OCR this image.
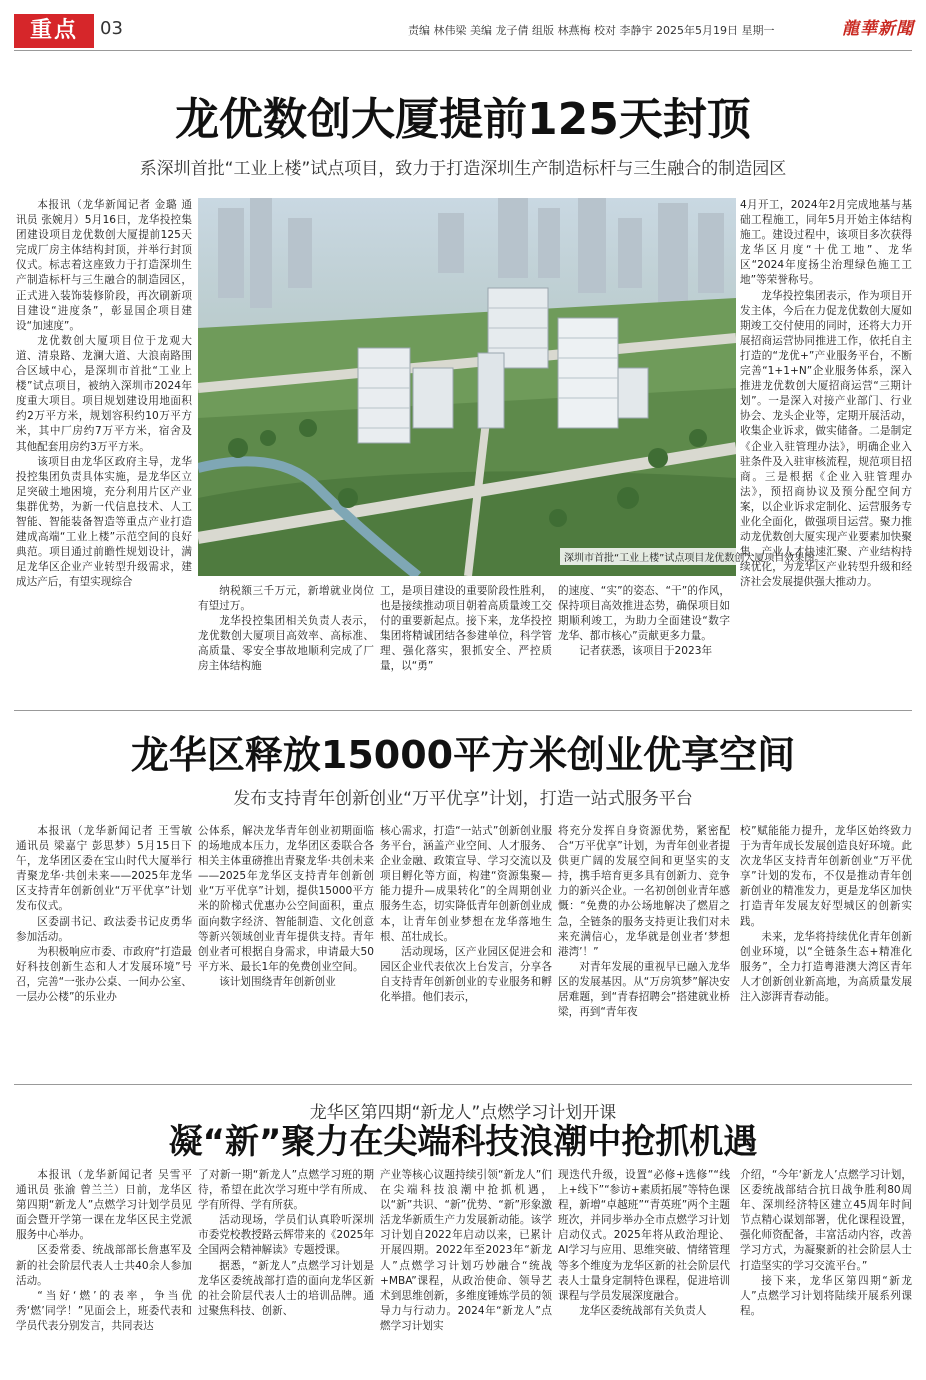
重点	03	责编 林伟梁 美编 龙子倩 组版 林燕梅 校对 李静宇 2025年5月19日 星期一	龍華新聞
龙优数创大厦提前125天封顶
系深圳首批“工业上楼”试点项目，致力于打造深圳生产制造标杆与三生融合的制造园区

本报讯（龙华新闻记者 金璐 通讯员 张婉月）5月16日，龙华投控集团建设项目龙优数创大厦提前125天完成厂房主体结构封顶，并举行封顶仪式。标志着这座致力于打造深圳生产制造标杆与三生融合的制造园区，正式进入装饰装修阶段，再次刷新项目建设“进度条”，彰显国企项目建设“加速度”。

龙优数创大厦项目位于龙观大道、清泉路、龙澜大道、大浪南路围合区域中心，是深圳市首批“工业上楼”试点项目，被纳入深圳市2024年度重大项目。项目规划建设用地面积约2万平方米，规划容积约10万平方米，其中厂房约7万平方米，宿舍及其他配套用房约3万平方米。

该项目由龙华区政府主导，龙华投控集团负责具体实施，是龙华区立足突破土地困境，充分利用片区产业集群优势，为新一代信息技术、人工智能、智能装备智造等重点产业打造建成高端“工业上楼”示范空间的良好典范。项目通过前瞻性规划设计，满足龙华区企业产业转型升级需求，建成达产后，有望实现综合

深圳市首批“工业上楼”试点项目龙优数创大厦项目效果图。

纳税额三千万元，新增就业岗位有望过万。

龙华投控集团相关负责人表示，龙优数创大厦项目高效率、高标准、高质量、零安全事故地顺利完成了厂房主体结构施

工，是项目建设的重要阶段性胜利，也是接续推动项目朝着高质量竣工交付的重要新起点。接下来，龙华投控集团将精诚团结各参建单位，科学管理、强化落实，狠抓安全、严控质量，以“勇”

的速度、“实”的姿态、“干”的作风，保持项目高效推进态势，确保项目如期顺利竣工，为助力全面建设“数字龙华、都市核心”贡献更多力量。

记者获悉，该项目于2023年

4月开工，2024年2月完成地基与基础工程施工，同年5月开始主体结构施工。建设过程中，该项目多次获得龙华区月度“十优工地”、龙华区“2024年度扬尘治理绿色施工工地”等荣誉称号。

龙华投控集团表示，作为项目开发主体，今后在力促龙优数创大厦如期竣工交付使用的同时，还将大力开展招商运营协同推进工作，依托自主打造的“龙优+”产业服务平台，不断完善“1+1+N”企业服务体系，深入推进龙优数创大厦招商运营“三期计划”。一是深入对接产业部门、行业协会、龙头企业等，定期开展活动，收集企业诉求，做实储备。二是制定《企业入驻管理办法》，明确企业入驻条件及入驻审核流程，规范项目招商。三是根据《企业入驻管理办法》，预招商协议及预分配空间方案，以企业诉求定制化、运营服务专业化全面化，做强项目运营。聚力推动龙优数创大厦实现产业要素加快聚集、产业人才快速汇聚、产业结构持续优化，为龙华区产业转型升级和经济社会发展提供强大推动力。

龙华区释放15000平方米创业优享空间
发布支持青年创新创业“万平优享”计划，打造一站式服务平台

本报讯（龙华新闻记者 王雪敏 通讯员 梁嘉宁 彭思梦）5月15日下午，龙华团区委在宝山时代大厦举行青聚龙华·共创未来——2025年龙华区支持青年创新创业“万平优享”计划发布仪式。

区委副书记、政法委书记皮勇华参加活动。

为积极响应市委、市政府“打造最好科技创新生态和人才发展环境”号召，完善“一张办公桌、一间办公室、一层办公楼”的乐业办

公体系，解决龙华青年创业初期面临的场地成本压力，龙华团区委联合各相关主体重磅推出青聚龙华·共创未来——2025年龙华区支持青年创新创业“万平优享”计划，提供15000平方米的阶梯式优惠办公空间面积，重点面向数字经济、智能制造、文化创意等新兴领域创业青年提供支持。青年创业者可根据自身需求，申请最大50平方米、最长1年的免费创业空间。

该计划围绕青年创新创业

核心需求，打造“一站式”创新创业服务平台，涵盖产业空间、人才服务、企业金融、政策宣导、学习交流以及项目孵化等方面，构建“资源集聚—能力提升—成果转化”的全周期创业服务生态，切实降低青年创新创业成本，让青年创业梦想在龙华落地生根、茁壮成长。

活动现场，区产业园区促进会和园区企业代表依次上台发言，分享各自支持青年创新创业的专业服务和孵化举措。他们表示，

将充分发挥自身资源优势，紧密配合“万平优享”计划，为青年创业者提供更广阔的发展空间和更坚实的支持，携手培育更多具有创新力、竞争力的新兴企业。一名初创创业青年感慨：“免费的办公场地解决了燃眉之急，全链条的服务支持更让我们对未来充满信心，龙华就是创业者‘梦想港湾’！”

对青年发展的重视早已融入龙华区的发展基因。从“万房筑梦”解决安居难题，到“青春招聘会”搭建就业桥梁，再到“青年夜

校”赋能能力提升，龙华区始终致力于为青年成长发展创造良好环境。此次龙华区支持青年创新创业“万平优享”计划的发布，不仅是推动青年创新创业的精准发力，更是龙华区加快打造青年发展友好型城区的创新实践。

未来，龙华将持续优化青年创新创业环境，以“全链条生态+精准化服务”，全力打造粤港澳大湾区青年人才创新创业新高地，为高质量发展注入澎湃青春动能。

龙华区第四期“新龙人”点燃学习计划开课
凝“新”聚力在尖端科技浪潮中抢抓机遇

本报讯（龙华新闻记者 吴雪平 通讯员 张渝 曾兰兰）日前，龙华区第四期“新龙人”点燃学习计划学员见面会暨开学第一课在龙华区民主党派服务中心举办。

区委常委、统战部部长詹惠军及新的社会阶层代表人士共40余人参加活动。

“当好‘燃’的表率，争当优秀‘燃’同学！”见面会上，班委代表和学员代表分别发言，共同表达

了对新一期“新龙人”点燃学习班的期待，希望在此次学习班中学有所成、学有所得、学有所获。

活动现场，学员们认真聆听深圳市委党校教授路云辉带来的《2025年全国两会精神解读》专题授课。

据悉，“新龙人”点燃学习计划是龙华区委统战部打造的面向龙华区新的社会阶层代表人士的培训品牌。通过聚焦科技、创新、

产业等核心议题持续引领“新龙人”们在尖端科技浪潮中抢抓机遇，以“新”共识、“新”优势、“新”形象激活龙华新质生产力发展新动能。该学习计划自2022年启动以来，已累计开展四期。2022年至2023年“新龙人”点燃学习计划巧妙融合“统战+MBA”课程，从政治使命、领导艺术到思维创新，多维度锤炼学员的领导力与行动力。2024年“新龙人”点燃学习计划实

现迭代升级，设置“必修+选修”“线上+线下”“参访+素质拓展”等特色课程，新增“卓越班”“青英班”两个主题班次，并同步举办全市点燃学习计划启动仪式。2025年将从政治理论、AI学习与应用、思维突破、情绪管理等多个维度为龙华区新的社会阶层代表人士量身定制特色课程，促进培训课程与学员发展深度融合。

龙华区委统战部有关负责人

介绍，“今年‘新龙人’点燃学习计划，区委统战部结合抗日战争胜利80周年、深圳经济特区建立45周年时间节点精心谋划部署，优化课程设置，强化师资配备，丰富活动内容，改善学习方式，为凝聚新的社会阶层人士打造坚实的学习交流平台。”

接下来，龙华区第四期“新龙人”点燃学习计划将陆续开展系列课程。
